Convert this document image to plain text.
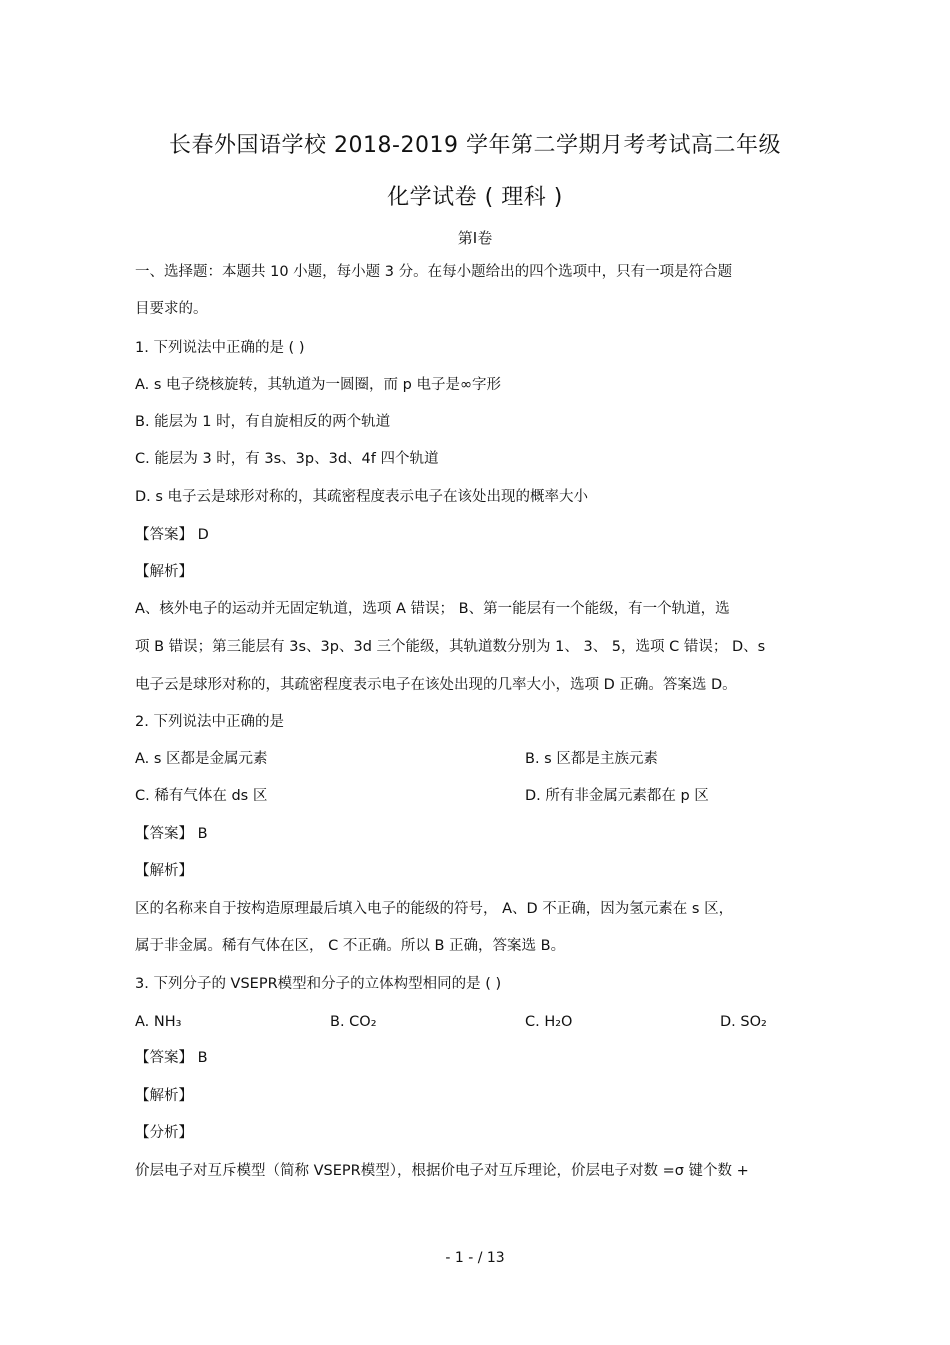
长春外国语学校 2018-2019 学年第二学期月考考试高二年级
化学试卷 ( 理科 )
第Ⅰ卷
一、选择题：本题共 10 小题，每小题 3 分。在每小题给出的四个选项中，只有一项是符合题
目要求的。
1. 下列说法中正确的是 ( )
A. s 电子绕核旋转，其轨道为一圆圈，而 p 电子是∞字形
B. 能层为 1 时，有自旋相反的两个轨道
C. 能层为 3 时，有 3s、3p、3d、4f 四个轨道
D. s 电子云是球形对称的，其疏密程度表示电子在该处出现的概率大小
【答案】 D
【解析】
A、核外电子的运动并无固定轨道，选项 A 错误； B、第一能层有一个能级，有一个轨道，选
项 B 错误；第三能层有 3s、3p、3d 三个能级，其轨道数分别为 1、 3、 5，选项 C 错误； D、s
电子云是球形对称的，其疏密程度表示电子在该处出现的几率大小，选项 D 正确。答案选 D。
2. 下列说法中正确的是
A. s 区都是金属元素	B. s 区都是主族元素
C. 稀有气体在 ds 区	D. 所有非金属元素都在 p 区
【答案】 B
【解析】
区的名称来自于按构造原理最后填入电子的能级的符号， A、D 不正确，因为氢元素在 s 区，
属于非金属。稀有气体在区， C 不正确。所以 B 正确，答案选 B。
3. 下列分子的 VSEPR模型和分子的立体构型相同的是 ( )
A. NH₃	B. CO₂	C. H₂O	D. SO₂
【答案】 B
【解析】
【分析】
价层电子对互斥模型（简称 VSEPR模型），根据价电子对互斥理论，价层电子对数 =σ 键个数 +
- 1 - / 13
